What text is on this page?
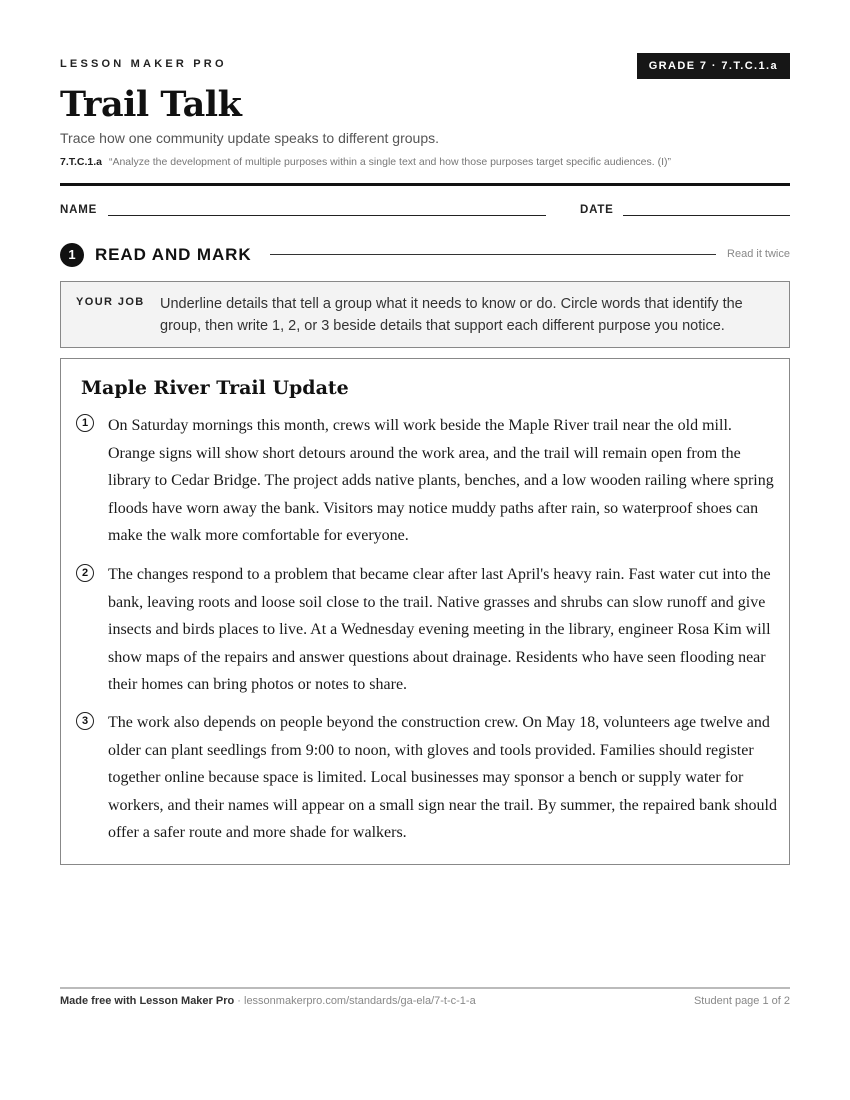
LESSON MAKER PRO	GRADE 7 · 7.T.C.1.a
Trail Talk
Trace how one community update speaks to different groups.
7.T.C.1.a “Analyze the development of multiple purposes within a single text and how those purposes target specific audiences. (I)”
NAME	DATE
1	READ AND MARK	Read it twice
YOUR JOB Underline details that tell a group what it needs to know or do. Circle words that identify the group, then write 1, 2, or 3 beside details that support each different purpose you notice.
Maple River Trail Update
1	On Saturday mornings this month, crews will work beside the Maple River trail near the old mill. Orange signs will show short detours around the work area, and the trail will remain open from the library to Cedar Bridge. The project adds native plants, benches, and a low wooden railing where spring floods have worn away the bank. Visitors may notice muddy paths after rain, so waterproof shoes can make the walk more comfortable for everyone.
2	The changes respond to a problem that became clear after last April's heavy rain. Fast water cut into the bank, leaving roots and loose soil close to the trail. Native grasses and shrubs can slow runoff and give insects and birds places to live. At a Wednesday evening meeting in the library, engineer Rosa Kim will show maps of the repairs and answer questions about drainage. Residents who have seen flooding near their homes can bring photos or notes to share.
3	The work also depends on people beyond the construction crew. On May 18, volunteers age twelve and older can plant seedlings from 9:00 to noon, with gloves and tools provided. Families should register together online because space is limited. Local businesses may sponsor a bench or supply water for workers, and their names will appear on a small sign near the trail. By summer, the repaired bank should offer a safer route and more shade for walkers.
Made free with Lesson Maker Pro · lessonmakerpro.com/standards/ga-ela/7-t-c-1-a	Student page 1 of 2
